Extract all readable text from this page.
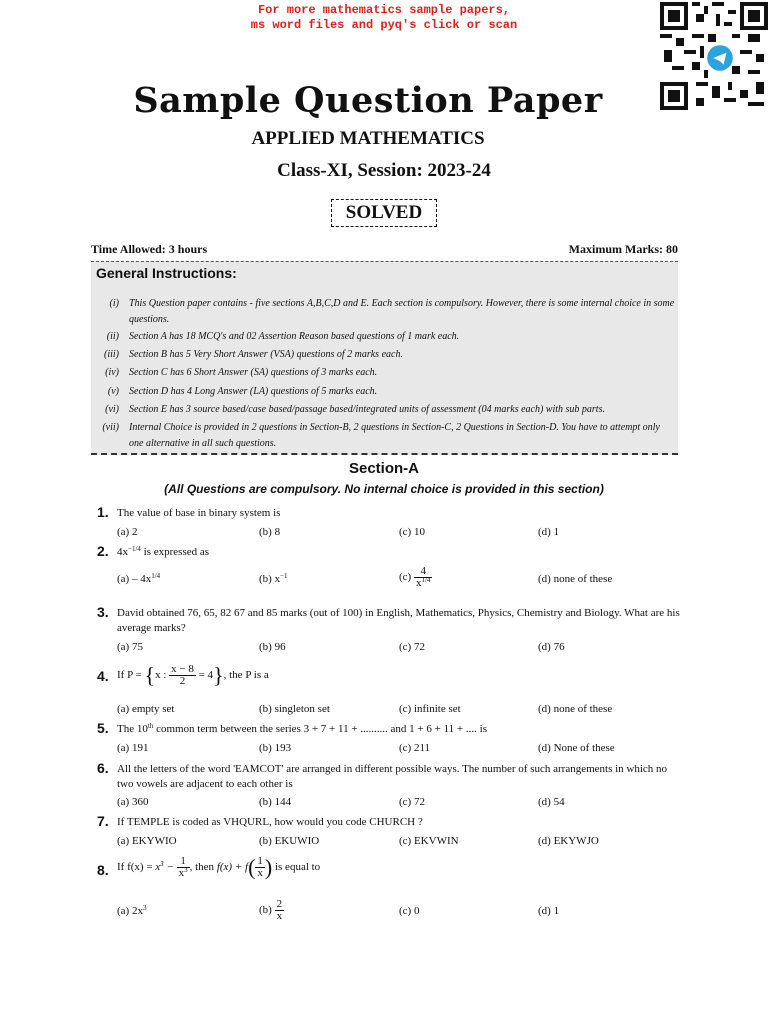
For more mathematics sample papers,
ms word files and pyq's click or scan
Sample Question Paper
APPLIED MATHEMATICS
Class-XI, Session: 2023-24
SOLVED
Time Allowed: 3 hours	Maximum Marks: 80
General Instructions:
(i) This Question paper contains - five sections A,B,C,D and E. Each section is compulsory. However, there is some internal choice in some questions.
(ii) Section A has 18 MCQ's and 02 Assertion Reason based questions of 1 mark each.
(iii) Section B has 5 Very Short Answer (VSA) questions of 2 marks each.
(iv) Section C has 6 Short Answer (SA) questions of 3 marks each.
(v) Section D has 4 Long Answer (LA) questions of 5 marks each.
(vi) Section E has 3 source based/case based/passage based/integrated units of assessment (04 marks each) with sub parts.
(vii) Internal Choice is provided in 2 questions in Section-B, 2 questions in Section-C, 2 Questions in Section-D. You have to attempt only one alternative in all such questions.
Section-A
(All Questions are compulsory. No internal choice is provided in this section)
1. The value of base in binary system is
(a) 2	(b) 8	(c) 10	(d) 1
2. $4x^{-1/4}$ is expressed as
$(a) - 4x^{1/4}$	(b) $x^{-1}$	$(c) \frac{4}{x^{1/4}}$	(d) none of these
3. David obtained 76, 65, 82 67 and 85 marks (out of 100) in English, Mathematics, Physics, Chemistry and Biology. What are his average marks?
(a) 75	(b) 96	(c) 72	(d) 76
4. If P = {x : $\frac{x - 8}{2} = 4$}, the P is a
(a) empty set	(b) singleton set	(c) infinite set	(d) none of these
5. The 10th common term between the series 3 + 7 + 11 + .......... and 1 + 6 + 11 + .... is
(a) 191	(b) 193	(c) 211	(d) None of these
6. All the letters of the word 'EAMCOT' are arranged in different possible ways. The number of such arrangements in which no two vowels are adjacent to each other is
(a) 360	(b) 144	(c) 72	(d) 54
7. If TEMPLE is coded as VHQURL, how would you code CHURCH ?
(a) EKYWIO	(b) EKUWIO	(c) EKVWIN	(d) EKYWJO
8. If $f(x) = x^3 - \frac{1}{x^3}$ , then $f(x) + f( \frac{1}{x}$ ) is equal to
(a) $2x^3$	$(b) \frac{2}{x}$	(c) 0	(d) 1
